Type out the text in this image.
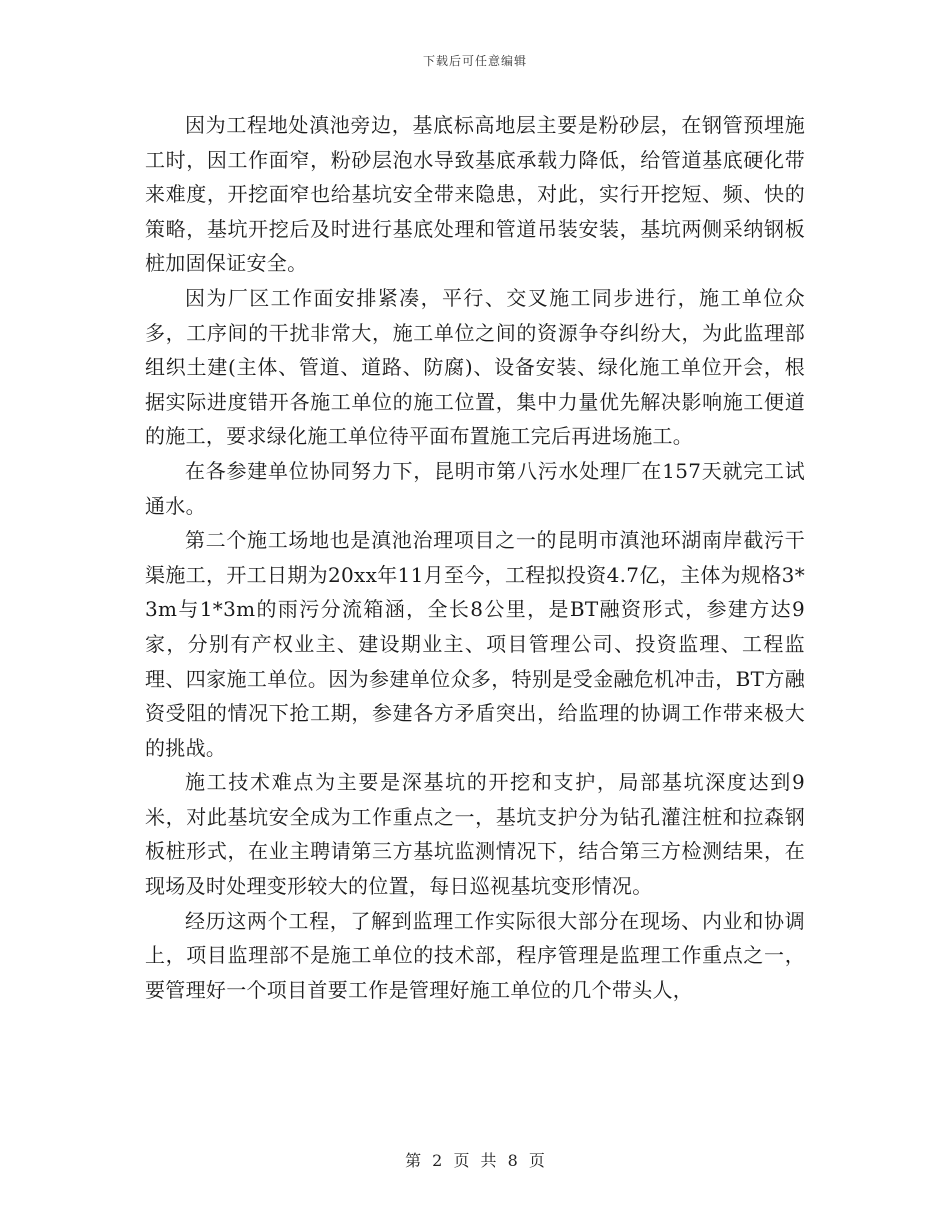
下载后可任意编辑

因为工程地处滇池旁边，基底标高地层主要是粉砂层，在钢管预埋施工时，因工作面窄，粉砂层泡水导致基底承载力降低，给管道基底硬化带来难度，开挖面窄也给基坑安全带来隐患，对此，实行开挖短、频、快的策略，基坑开挖后及时进行基底处理和管道吊装安装，基坑两侧采纳钢板桩加固保证安全。

因为厂区工作面安排紧凑，平行、交叉施工同步进行，施工单位众多，工序间的干扰非常大，施工单位之间的资源争夺纠纷大，为此监理部组织土建(主体、管道、道路、防腐)、设备安装、绿化施工单位开会，根据实际进度错开各施工单位的施工位置，集中力量优先解决影响施工便道的施工，要求绿化施工单位待平面布置施工完后再进场施工。

在各参建单位协同努力下，昆明市第八污水处理厂在157天就完工试通水。

第二个施工场地也是滇池治理项目之一的昆明市滇池环湖南岸截污干渠施工，开工日期为20xx年11月至今，工程拟投资4.7亿，主体为规格3*3m与1*3m的雨污分流箱涵，全长8公里，是BT融资形式，参建方达9家，分别有产权业主、建设期业主、项目管理公司、投资监理、工程监理、四家施工单位。因为参建单位众多，特别是受金融危机冲击，BT方融资受阻的情况下抢工期，参建各方矛盾突出，给监理的协调工作带来极大的挑战。

施工技术难点为主要是深基坑的开挖和支护，局部基坑深度达到9米，对此基坑安全成为工作重点之一，基坑支护分为钻孔灌注桩和拉森钢板桩形式，在业主聘请第三方基坑监测情况下，结合第三方检测结果，在现场及时处理变形较大的位置，每日巡视基坑变形情况。

经历这两个工程，了解到监理工作实际很大部分在现场、内业和协调上，项目监理部不是施工单位的技术部，程序管理是监理工作重点之一，要管理好一个项目首要工作是管理好施工单位的几个带头人，

第 2 页 共 8 页
